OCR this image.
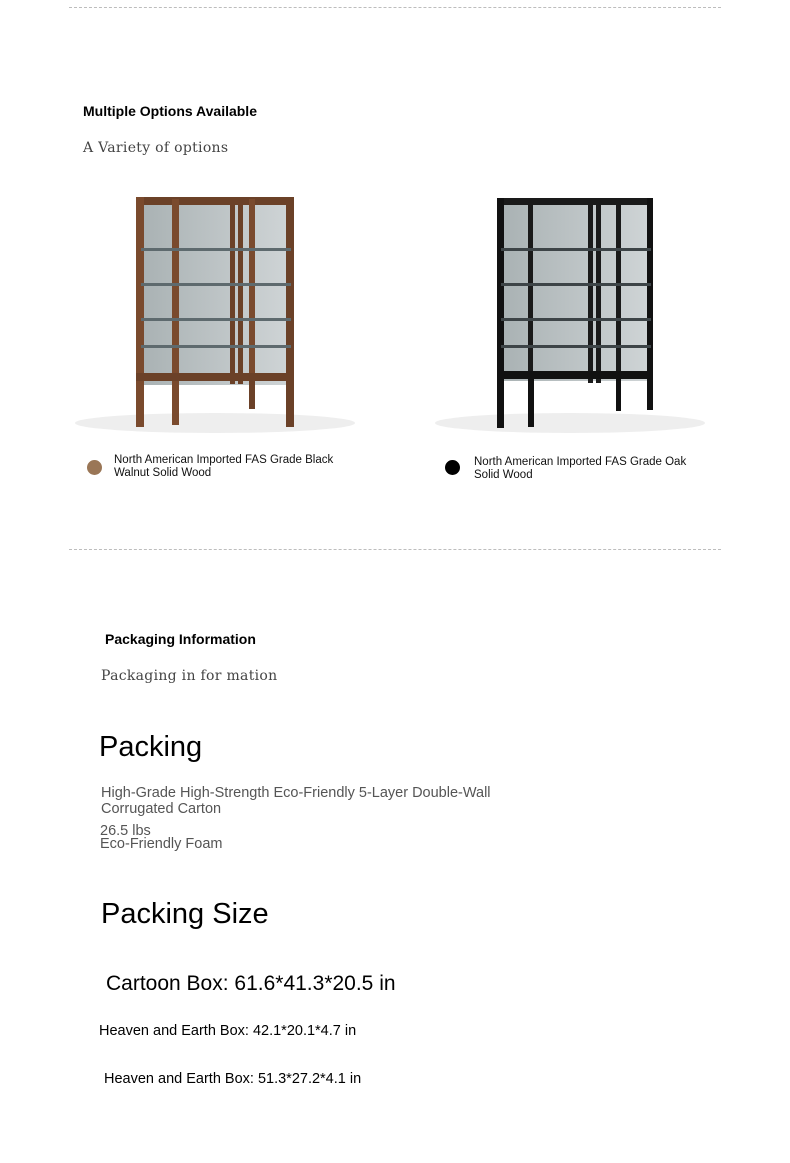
Multiple Options Available
A Variety of options
North American Imported FAS Grade Black Walnut Solid Wood
North American Imported FAS Grade Oak Solid Wood
Packaging Information
Packaging in for mation
Packing
High-Grade High-Strength Eco-Friendly 5-Layer Double-Wall Corrugated Carton
26.5 lbs
Eco-Friendly Foam
Packing Size
Cartoon Box: 61.6*41.3*20.5 in
Heaven and Earth Box: 42.1*20.1*4.7 in
Heaven and Earth Box: 51.3*27.2*4.1 in
